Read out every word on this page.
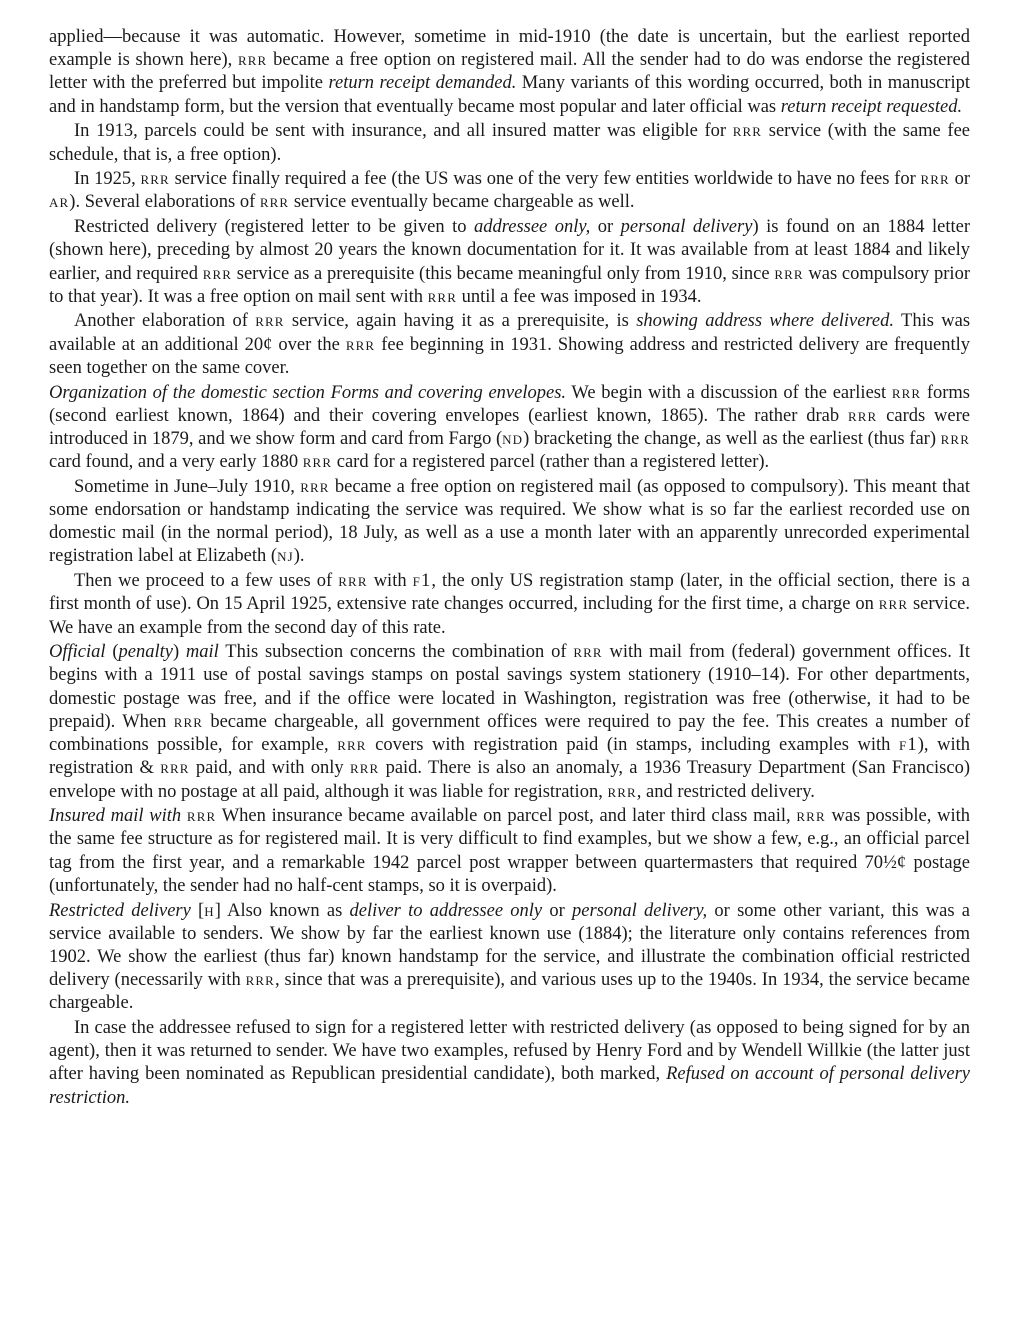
applied—because it was automatic. However, sometime in mid-1910 (the date is uncertain, but the earliest reported example is shown here), rrr became a free option on registered mail. All the sender had to do was endorse the registered letter with the preferred but impolite return receipt demanded. Many variants of this wording occurred, both in manuscript and in handstamp form, but the version that eventually became most popular and later official was return receipt requested.

In 1913, parcels could be sent with insurance, and all insured matter was eligible for rrr service (with the same fee schedule, that is, a free option).

In 1925, rrr service finally required a fee (the US was one of the very few entities worldwide to have no fees for rrr or ar). Several elaborations of rrr service eventually became chargeable as well.

Restricted delivery (registered letter to be given to addressee only, or personal delivery) is found on an 1884 letter (shown here), preceding by almost 20 years the known documentation for it. It was available from at least 1884 and likely earlier, and required rrr service as a prerequisite (this became meaningful only from 1910, since rrr was compulsory prior to that year). It was a free option on mail sent with rrr until a fee was imposed in 1934.

Another elaboration of rrr service, again having it as a prerequisite, is showing address where delivered. This was available at an additional 20¢ over the rrr fee beginning in 1931. Showing address and restricted delivery are frequently seen together on the same cover.

Organization of the domestic section Forms and covering envelopes. We begin with a discussion of the earliest rrr forms (second earliest known, 1864) and their covering envelopes (earliest known, 1865). The rather drab rrr cards were introduced in 1879, and we show form and card from Fargo (nd) bracketing the change, as well as the earliest (thus far) rrr card found, and a very early 1880 rrr card for a registered parcel (rather than a registered letter).

Sometime in June–July 1910, rrr became a free option on registered mail (as opposed to compulsory). This meant that some endorsation or handstamp indicating the service was required. We show what is so far the earliest recorded use on domestic mail (in the normal period), 18 July, as well as a use a month later with an apparently unrecorded experimental registration label at Elizabeth (nj).

Then we proceed to a few uses of rrr with f1, the only US registration stamp (later, in the official section, there is a first month of use). On 15 April 1925, extensive rate changes occurred, including for the first time, a charge on rrr service. We have an example from the second day of this rate.

Official (penalty) mail This subsection concerns the combination of rrr with mail from (federal) government offices. It begins with a 1911 use of postal savings stamps on postal savings system stationery (1910–14). For other departments, domestic postage was free, and if the office were located in Washington, registration was free (otherwise, it had to be prepaid). When rrr became chargeable, all government offices were required to pay the fee. This creates a number of combinations possible, for example, rrr covers with registration paid (in stamps, including examples with f1), with registration & rrr paid, and with only rrr paid. There is also an anomaly, a 1936 Treasury Department (San Francisco) envelope with no postage at all paid, although it was liable for registration, rrr, and restricted delivery.

Insured mail with rrr When insurance became available on parcel post, and later third class mail, rrr was possible, with the same fee structure as for registered mail. It is very difficult to find examples, but we show a few, e.g., an official parcel tag from the first year, and a remarkable 1942 parcel post wrapper between quartermasters that required 70½¢ postage (unfortunately, the sender had no half-cent stamps, so it is overpaid).

Restricted delivery [h] Also known as deliver to addressee only or personal delivery, or some other variant, this was a service available to senders. We show by far the earliest known use (1884); the literature only contains references from 1902. We show the earliest (thus far) known handstamp for the service, and illustrate the combination official restricted delivery (necessarily with rrr, since that was a prerequisite), and various uses up to the 1940s. In 1934, the service became chargeable.

In case the addressee refused to sign for a registered letter with restricted delivery (as opposed to being signed for by an agent), then it was returned to sender. We have two examples, refused by Henry Ford and by Wendell Willkie (the latter just after having been nominated as Republican presidential candidate), both marked, Refused on account of personal delivery restriction.
